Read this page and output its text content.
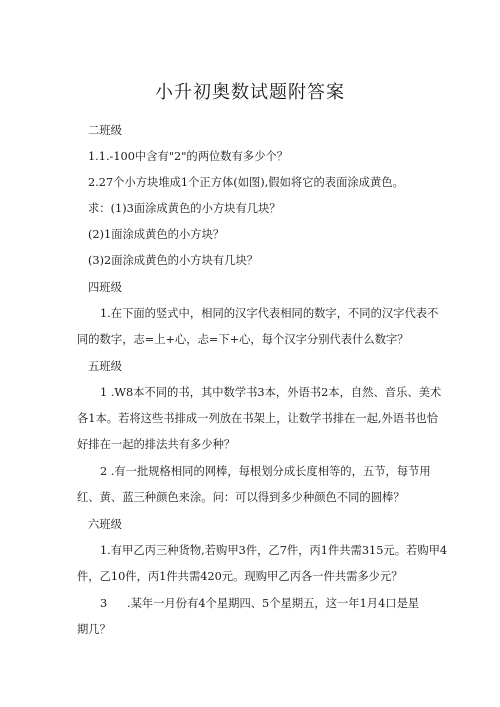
小升初奥数试题附答案
二班级
1.1.-100中含有"2"的两位数有多少个？
2.27个小方块堆成1个正方体(如图),假如将它的表面涂成黄色。
求：(1)3面涂成黄色的小方块有几块？
(2)1面涂成黄色的小方块？
(3)2面涂成黄色的小方块有几块？
四班级
1.在下面的竖式中，相同的汉字代表相同的数字，不同的汉字代表不
同的数字，志=上+心，忐=下+心，每个汉字分别代表什么数字？
五班级
1 .W8本不同的书，其中数学书3本，外语书2本，自然、音乐、美术
各1本。若将这些书排成一列放在书架上，让数学书排在一起,外语书也恰
好排在一起的排法共有多少种？
2 .有一批规格相同的网棒，每根划分成长度相等的，五节，每节用
红、黄、蓝三种颜色来涂。问：可以得到多少种颜色不同的圆棒？
六班级
1.有甲乙丙三种货物,若购甲3件，乙7件，丙1件共需315元。若购甲4
件，乙10件，丙1件共需420元。现购甲乙丙各一件共需多少元？
3 .某年一月份有4个星期四、5个星期五，这一年1月4口是星
期几？
